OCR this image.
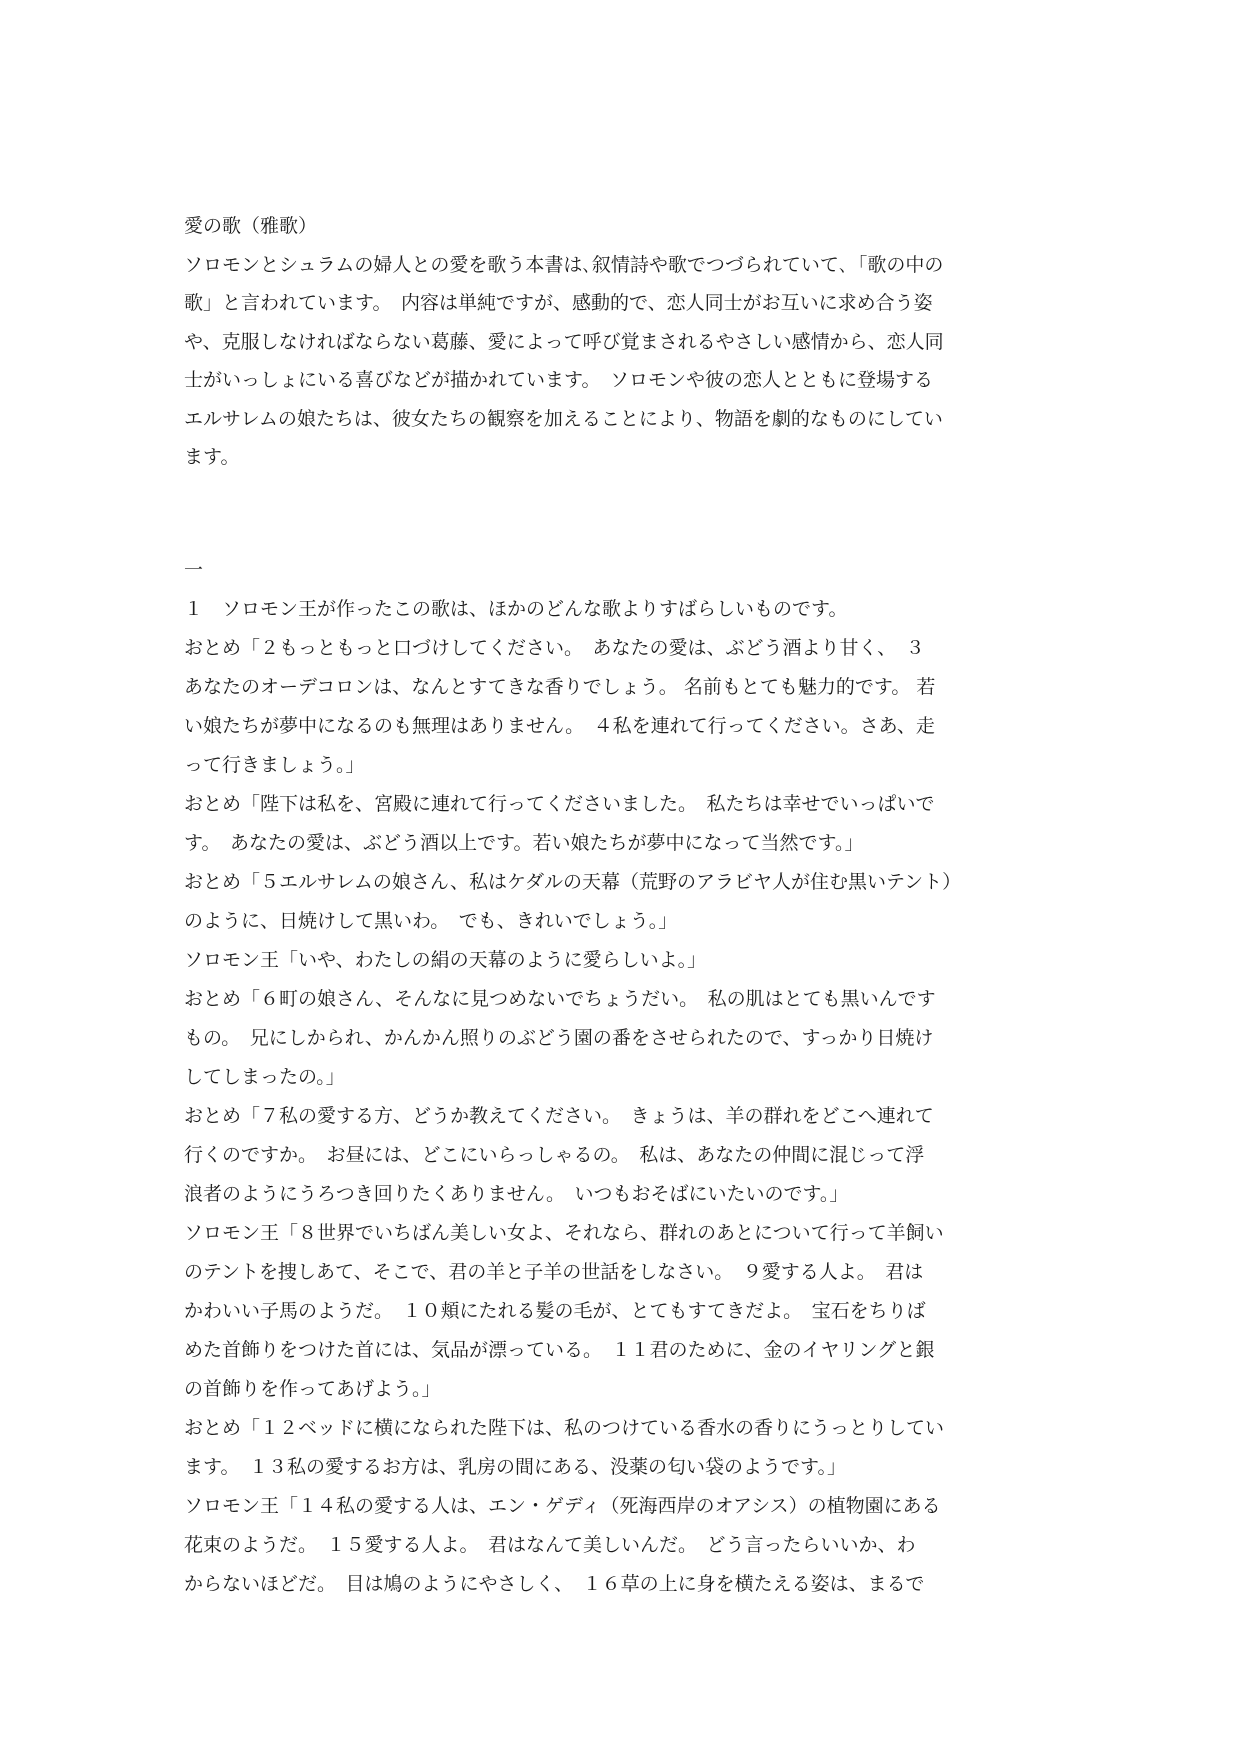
愛の歌（雅歌）
ソロモンとシュラムの婦人との愛を歌う本書は､叙情詩や歌でつづられていて､「歌の中の
歌」と言われています。　内容は単純ですが、感動的で、恋人同士がお互いに求め合う姿
や、克服しなければならない葛藤、愛によって呼び覚まされるやさしい感情から、恋人同
士がいっしょにいる喜びなどが描かれています。　ソロモンや彼の恋人とともに登場する
エルサレムの娘たちは、彼女たちの観察を加えることにより、物語を劇的なものにしてい
ます。
一
１　ソロモン王が作ったこの歌は、ほかのどんな歌よりすばらしいものです。
おとめ「２もっともっと口づけしてください。　あなたの愛は、ぶどう酒より甘く、　３
あなたのオーデコロンは、なんとすてきな香りでしょう。 名前もとても魅力的です。 若
い娘たちが夢中になるのも無理はありません。　４私を連れて行ってください。さあ、走
って行きましょう。」
おとめ「陛下は私を、宮殿に連れて行ってくださいました。　私たちは幸せでいっぱいで
す。　あなたの愛は、ぶどう酒以上です。若い娘たちが夢中になって当然です。」
おとめ「５エルサレムの娘さん、私はケダルの天幕（荒野のアラビヤ人が住む黒いテント）
のように、日焼けして黒いわ。　でも、きれいでしょう。」
ソロモン王「いや、わたしの絹の天幕のように愛らしいよ。」
おとめ「６町の娘さん、そんなに見つめないでちょうだい。　私の肌はとても黒いんです
もの。　兄にしかられ、かんかん照りのぶどう園の番をさせられたので、すっかり日焼け
してしまったの。」
おとめ「７私の愛する方、どうか教えてください。　きょうは、羊の群れをどこへ連れて
行くのですか。　お昼には、どこにいらっしゃるの。　私は、あなたの仲間に混じって浮
浪者のようにうろつき回りたくありません。　いつもおそばにいたいのです。」
ソロモン王「８世界でいちばん美しい女よ、それなら、群れのあとについて行って羊飼い
のテントを捜しあて、そこで、君の羊と子羊の世話をしなさい。　９愛する人よ。　君は
かわいい子馬のようだ。　１０頬にたれる髪の毛が、とてもすてきだよ。　宝石をちりば
めた首飾りをつけた首には、気品が漂っている。　１１君のために、金のイヤリングと銀
の首飾りを作ってあげよう。」
おとめ「１２ベッドに横になられた陛下は、私のつけている香水の香りにうっとりしてい
ます。　１３私の愛するお方は、乳房の間にある、没薬の匂い袋のようです。」
ソロモン王「１４私の愛する人は、エン・ゲディ（死海西岸のオアシス）の植物園にある
花束のようだ。　１５愛する人よ。　君はなんて美しいんだ。　どう言ったらいいか、わ
からないほどだ。　目は鳩のようにやさしく、　１６草の上に身を横たえる姿は、まるで
